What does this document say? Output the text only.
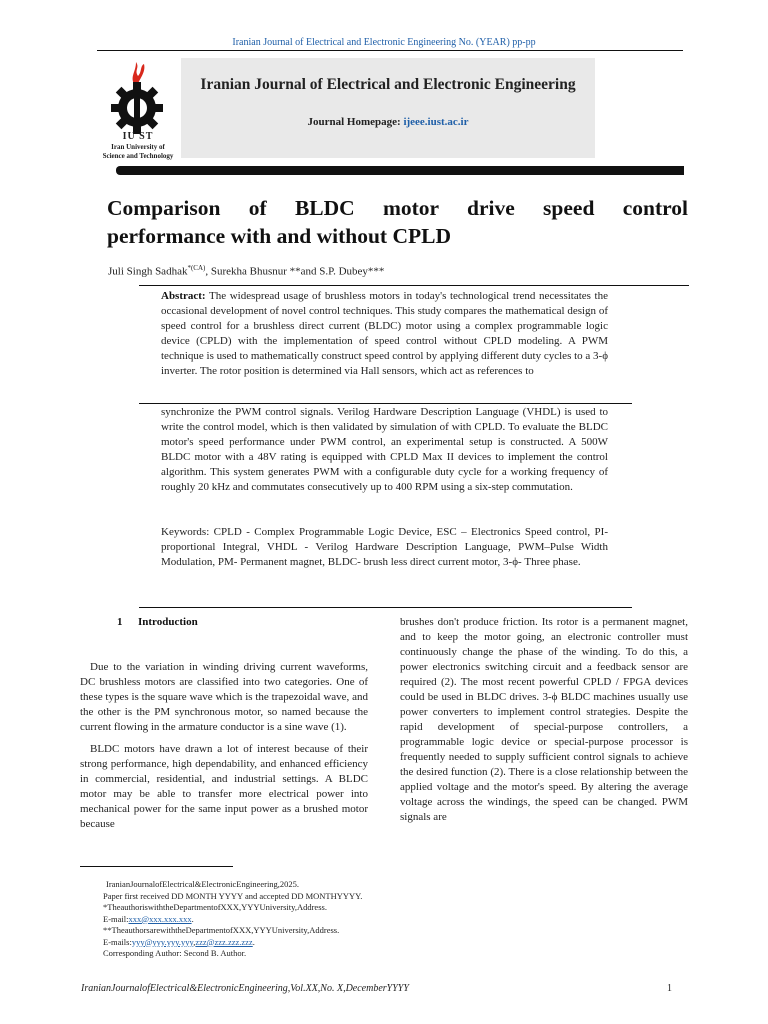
Iranian Journal of Electrical and Electronic Engineering No. (YEAR) pp-pp
IU ST
Iran University of
Science and Technology
Iranian Journal of Electrical and Electronic Engineering
Journal Homepage: ijeee.iust.ac.ir
Comparison of BLDC motor drive speed control
performance with and without CPLD
Juli Singh Sadhak$^{*(CA)}$, Surekha Bhusnur **and S.P. Dubey***
Abstract: The widespread usage of brushless motors in today's technological trend necessitates the occasional development of novel control techniques. This study compares the mathematical design of speed control for a brushless direct current (BLDC) motor using a complex programmable logic device (CPLD) with the implementation of speed control without CPLD modeling. A PWM technique is used to mathematically construct speed control by applying different duty cycles to a 3-ϕ inverter. The rotor position is determined via Hall sensors, which act as references to
synchronize the PWM control signals. Verilog Hardware Description Language (VHDL) is used to write the control model, which is then validated by simulation of with CPLD. To evaluate the BLDC motor's speed performance under PWM control, an experimental setup is constructed. A 500W BLDC motor with a 48V rating is equipped with CPLD Max II devices to implement the control algorithm. This system generates PWM with a configurable duty cycle for a working frequency of roughly 20 kHz and commutates consecutively up to 400 RPM using a six-step commutation.
Keywords: CPLD - Complex Programmable Logic Device, ESC – Electronics Speed control, PI- proportional Integral, VHDL - Verilog Hardware Description Language, PWM–Pulse Width Modulation, PM- Permanent magnet, BLDC- brush less direct current motor, 3-ϕ- Three phase.
1 Introduction

Due to the variation in winding driving current waveforms, DC brushless motors are classified into two categories. One of these types is the square wave which is the trapezoidal wave, and the other is the PM synchronous motor, so named because the current flowing in the armature conductor is a sine wave (1).

BLDC motors have drawn a lot of interest because of their strong performance, high dependability, and enhanced efficiency in commercial, residential, and industrial settings. A BLDC motor may be able to transfer more electrical power into mechanical power for the same input power as a brushed motor because

brushes don't produce friction. Its rotor is a permanent magnet, and to keep the motor going, an electronic controller must continuously change the phase of the winding. To do this, a power electronics switching circuit and a feedback sensor are required (2). The most recent powerful CPLD / FPGA devices could be used in BLDC drives. 3-ϕ BLDC machines usually use power converters to implement control strategies. Despite the rapid development of special-purpose controllers, a programmable logic device or special-purpose processor is frequently needed to supply sufficient control signals to achieve the desired function (2). There is a close relationship between the applied voltage and the motor's speed. By altering the average voltage across the windings, the speed can be changed. PWM signals are

IranianJournalofElectrical&ElectronicEngineering,2025.
Paper first received DD MONTH YYYY and accepted DD MONTHYYYY.
*TheauthoriswiththeDepartmentofXXX,YYYUniversity,Address.
E-mail:xxx@xxx.xxx.xxx.
**TheauthorsarewiththeDepartmentofXXX,YYYUniversity,Address.
E-mails:yyy@yyy.yyy.yyy,zzz@zzz.zzz.zzz.
Corresponding Author: Second B. Author.
IranianJournalofElectrical&ElectronicEngineering,Vol.XX,No. X,DecemberYYYY	1
